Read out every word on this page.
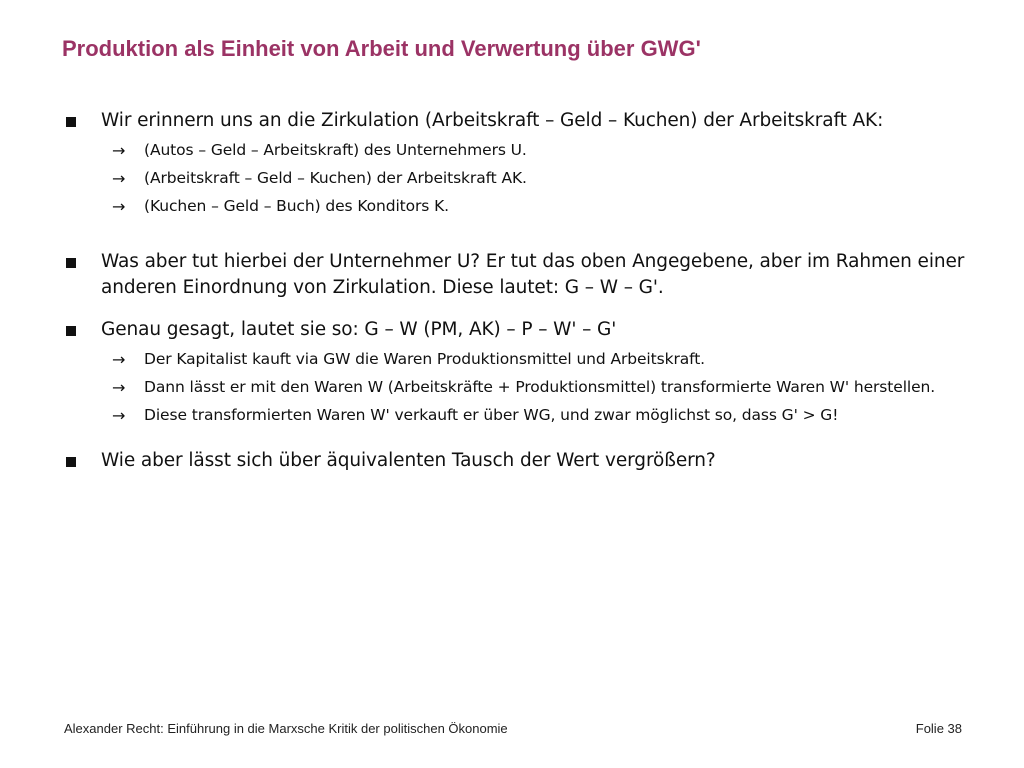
Produktion als Einheit von Arbeit und Verwertung über GWG'
Wir erinnern uns an die Zirkulation (Arbeitskraft – Geld – Kuchen) der Arbeitskraft AK:
→ (Autos – Geld – Arbeitskraft) des Unternehmers U.
→ (Arbeitskraft – Geld – Kuchen) der Arbeitskraft AK.
→ (Kuchen – Geld – Buch) des Konditors K.
Was aber tut hierbei der Unternehmer U? Er tut das oben Angegebene, aber im Rahmen einer anderen Einordnung von Zirkulation. Diese lautet: G – W – G'.
Genau gesagt, lautet sie so: G – W (PM, AK) – P – W' – G'
→ Der Kapitalist kauft via GW die Waren Produktionsmittel und Arbeitskraft.
→ Dann lässt er mit den Waren W (Arbeitskräfte + Produktionsmittel) transformierte Waren W' herstellen.
→ Diese transformierten Waren W' verkauft er über WG, und zwar möglichst so, dass G' > G!
Wie aber lässt sich über äquivalenten Tausch der Wert vergrößern?
Alexander Recht: Einführung in die Marxsche Kritik der politischen Ökonomie	Folie 38
